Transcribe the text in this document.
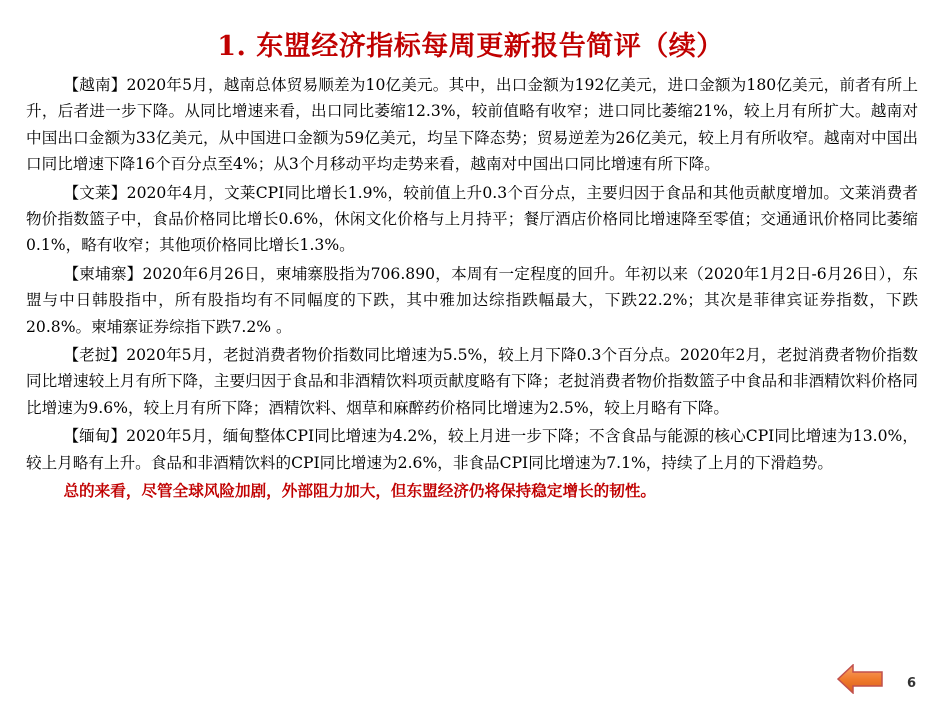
1. 东盟经济指标每周更新报告简评（续）

【越南】2020年5月，越南总体贸易顺差为10亿美元。其中，出口金额为192亿美元，进口金额为180亿美元，前者有所上升，后者进一步下降。从同比增速来看，出口同比萎缩12.3%，较前值略有收窄；进口同比萎缩21%，较上月有所扩大。越南对中国出口金额为33亿美元，从中国进口金额为59亿美元，均呈下降态势；贸易逆差为26亿美元，较上月有所收窄。越南对中国出口同比增速下降16个百分点至4%；从3个月移动平均走势来看，越南对中国出口同比增速有所下降。

【文莱】2020年4月，文莱CPI同比增长1.9%，较前值上升0.3个百分点，主要归因于食品和其他贡献度增加。文莱消费者物价指数篮子中，食品价格同比增长0.6%，休闲文化价格与上月持平；餐厅酒店价格同比增速降至零值；交通通讯价格同比萎缩0.1%，略有收窄；其他项价格同比增长1.3%。

【柬埔寨】2020年6月26日，柬埔寨股指为706.890，本周有一定程度的回升。年初以来（2020年1月2日-6月26日），东盟与中日韩股指中，所有股指均有不同幅度的下跌，其中雅加达综指跌幅最大，下跌22.2%；其次是菲律宾证券指数，下跌20.8%。柬埔寨证券综指下跌7.2% 。

【老挝】2020年5月，老挝消费者物价指数同比增速为5.5%，较上月下降0.3个百分点。2020年2月，老挝消费者物价指数同比增速较上月有所下降，主要归因于食品和非酒精饮料项贡献度略有下降；老挝消费者物价指数篮子中食品和非酒精饮料价格同比增速为9.6%，较上月有所下降；酒精饮料、烟草和麻醉药价格同比增速为2.5%，较上月略有下降。

【缅甸】2020年5月，缅甸整体CPI同比增速为4.2%，较上月进一步下降；不含食品与能源的核心CPI同比增速为13.0%，较上月略有上升。食品和非酒精饮料的CPI同比增速为2.6%，非食品CPI同比增速为7.1%，持续了上月的下滑趋势。

总的来看，尽管全球风险加剧，外部阻力加大，但东盟经济仍将保持稳定增长的韧性。

6
